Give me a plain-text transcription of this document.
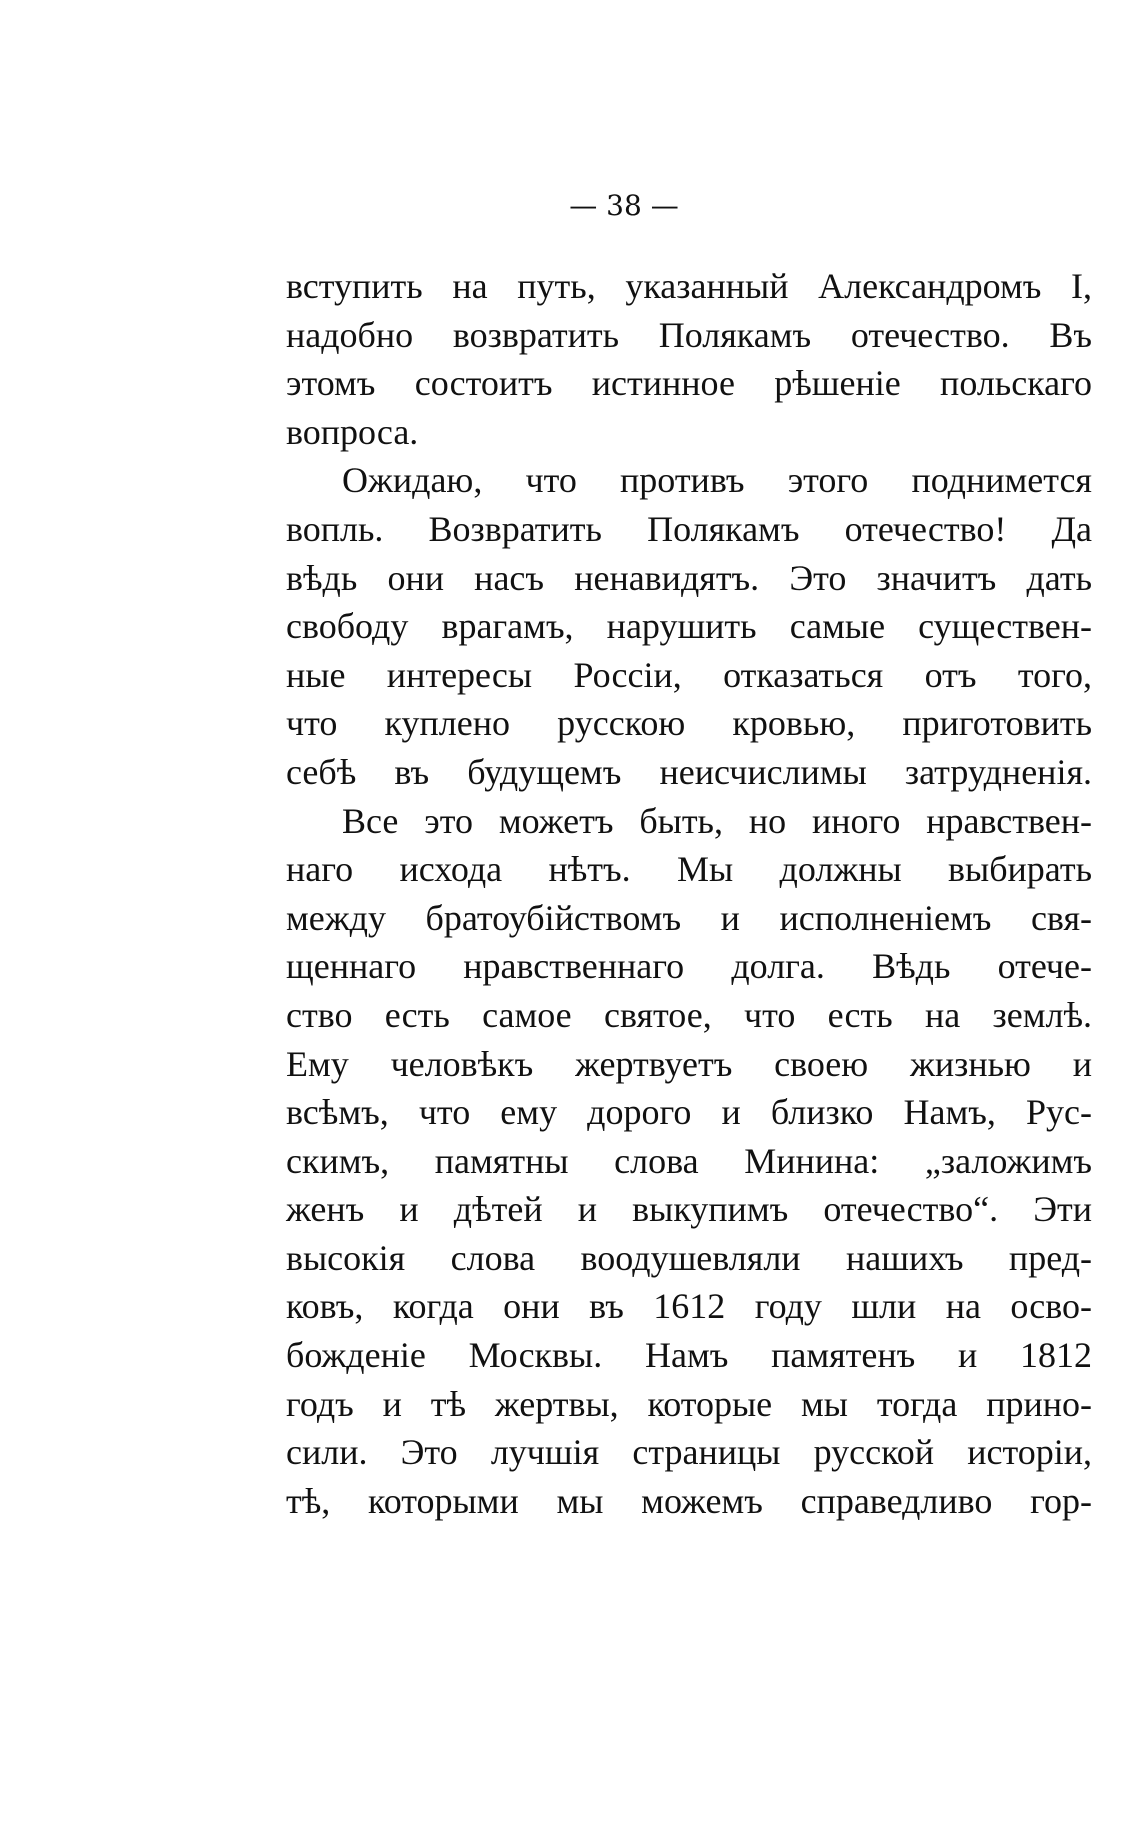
— 38 —
вступить на путь, указанный Александромъ I,
надобно возвратить Полякамъ отечество. Въ
этомъ состоитъ истинное рѣшеніе польскаго
вопроса.
Ожидаю, что противъ этого поднимется
вопль. Возвратить Полякамъ отечество! Да
вѣдь они насъ ненавидятъ. Это значитъ дать
свободу врагамъ, нарушить самые существен-
ные интересы Россіи, отказаться отъ того,
что куплено русскою кровью, приготовить
себѣ въ будущемъ неисчислимы затрудненія.
Все это можетъ быть, но иного нравствен-
наго исхода нѣтъ. Мы должны выбирать
между братоубійствомъ и исполненіемъ свя-
щеннаго нравственнаго долга. Вѣдь отече-
ство есть самое святое, что есть на землѣ.
Ему человѣкъ жертвуетъ своею жизнью и
всѣмъ, что ему дорого и близко Намъ, Рус-
скимъ, памятны слова Минина: „заложимъ
женъ и дѣтей и выкупимъ отечество“. Эти
высокія слова воодушевляли нашихъ пред-
ковъ, когда они въ 1612 году шли на осво-
божденіе Москвы. Намъ памятенъ и 1812
годъ и тѣ жертвы, которые мы тогда прино-
сили. Это лучшія страницы русской исторіи,
тѣ, которыми мы можемъ справедливо гор-
